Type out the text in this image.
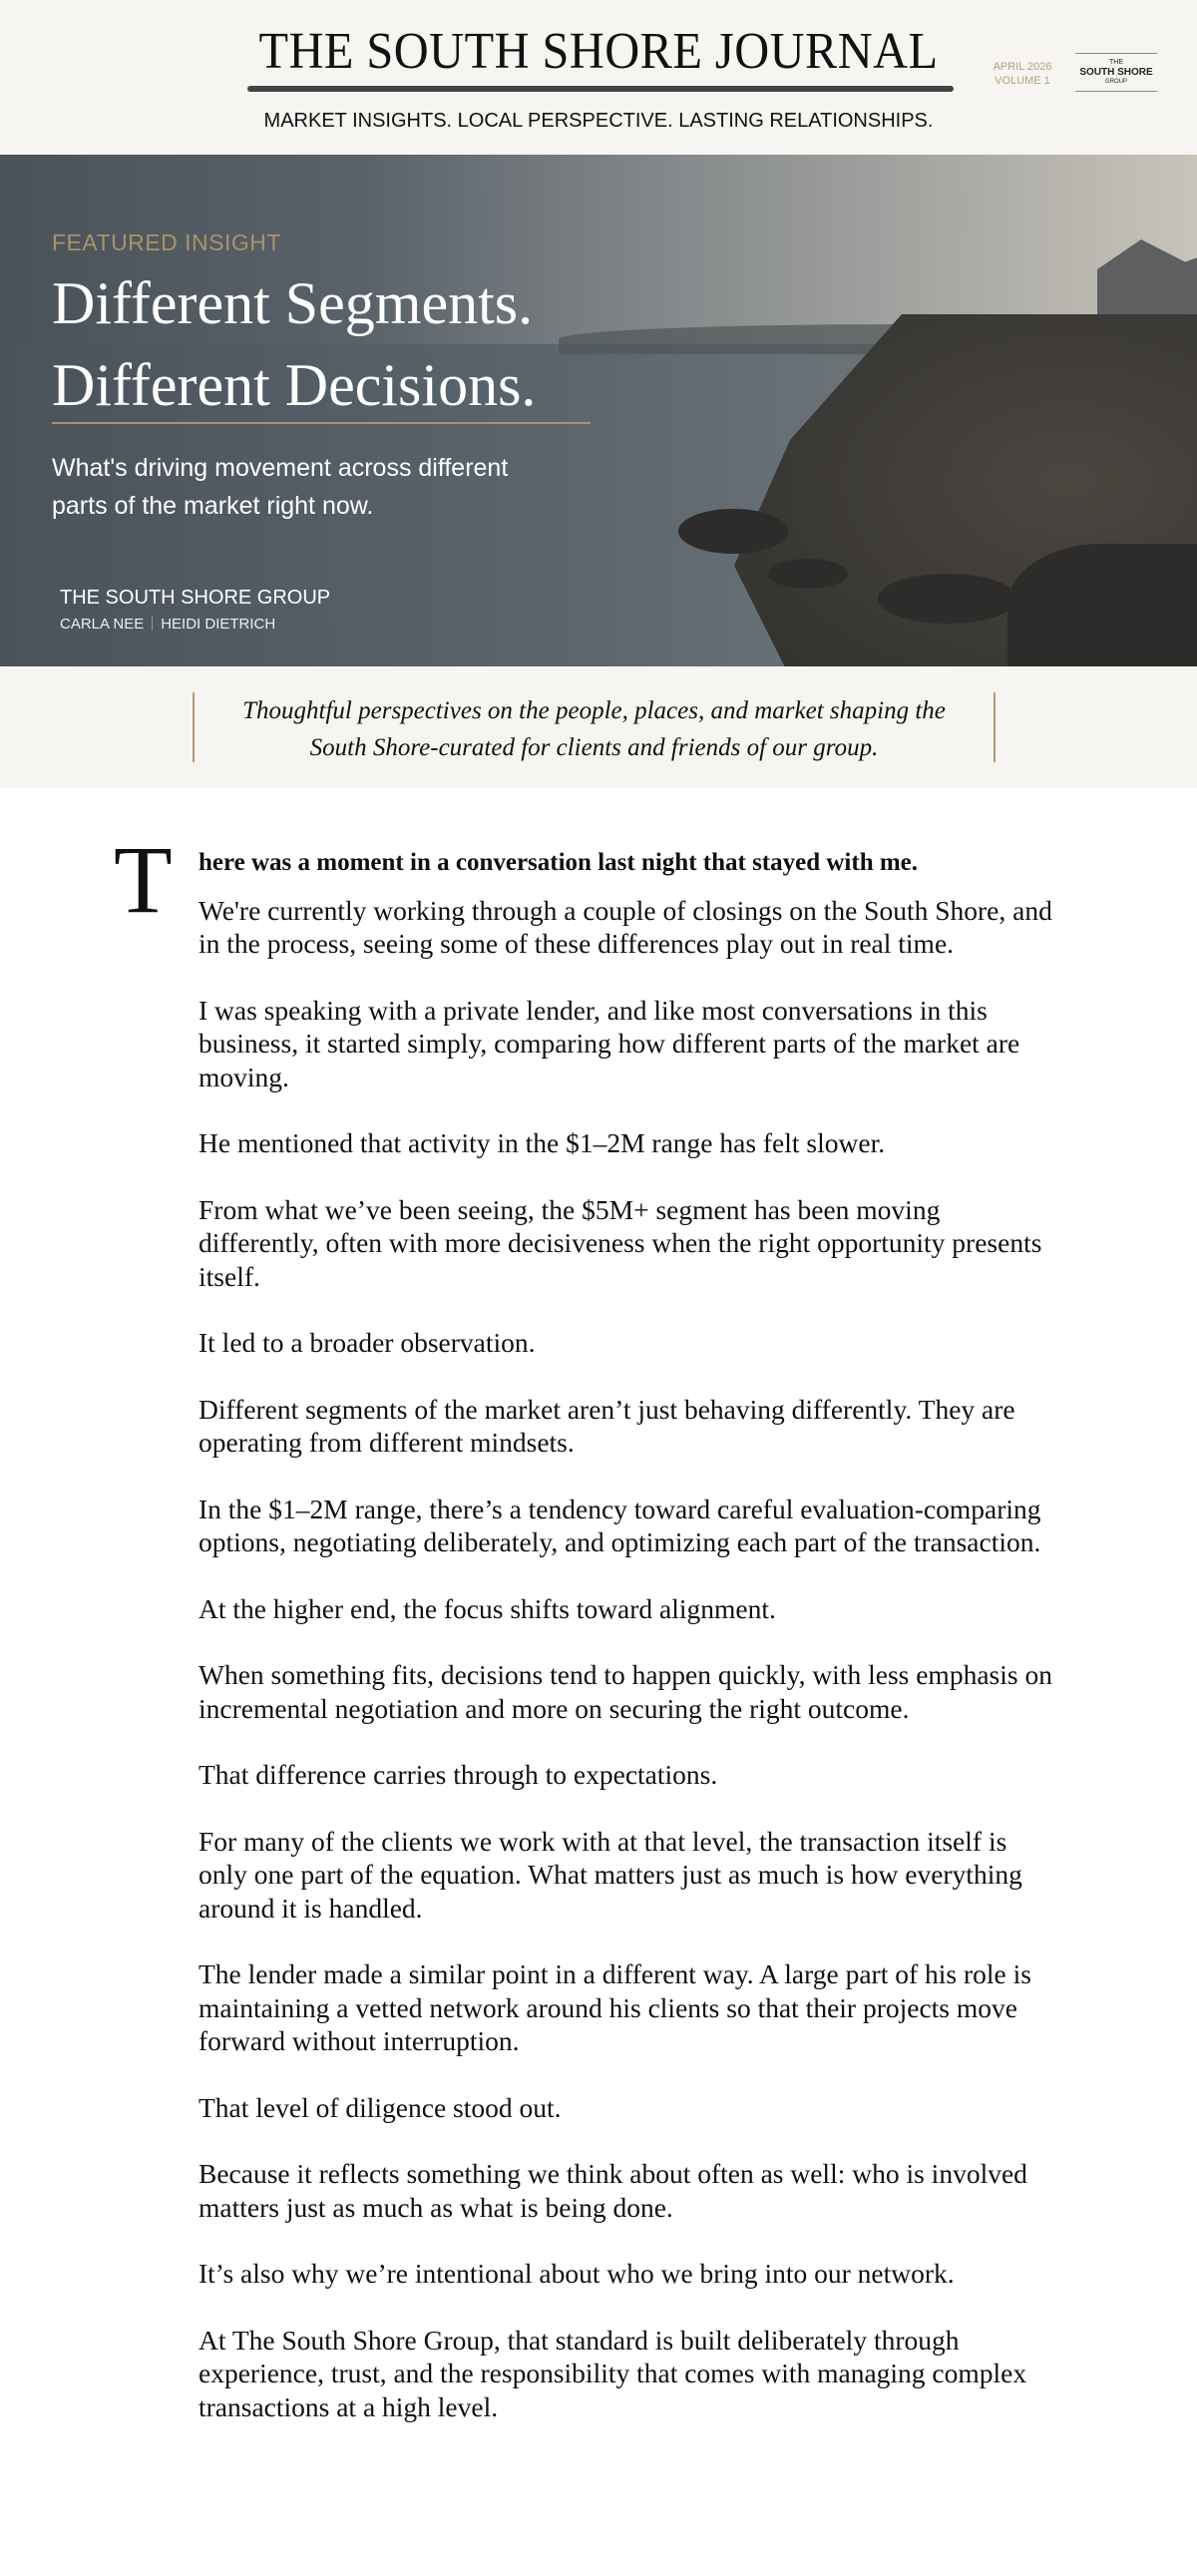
THE SOUTH SHORE JOURNAL
MARKET INSIGHTS. LOCAL PERSPECTIVE. LASTING RELATIONSHIPS.
APRIL 2026
VOLUME 1
THE
SOUTH SHORE
GROUP
FEATURED INSIGHT
Different Segments.
Different Decisions.
What's driving movement across different
parts of the market right now.
THE SOUTH SHORE GROUP
CARLA NEE HEIDI DIETRICH
Thoughtful perspectives on the people, places, and market shaping the South Shore-curated for clients and friends of our group.
T here was a moment in a conversation last night that stayed with me.

We're currently working through a couple of closings on the South Shore, and in the process, seeing some of these differences play out in real time.

I was speaking with a private lender, and like most conversations in this business, it started simply, comparing how different parts of the market are moving.

He mentioned that activity in the $1–2M range has felt slower.

From what we’ve been seeing, the $5M+ segment has been moving differently, often with more decisiveness when the right opportunity presents itself.

It led to a broader observation.

Different segments of the market aren’t just behaving differently. They are operating from different mindsets.

In the $1–2M range, there’s a tendency toward careful evaluation-comparing options, negotiating deliberately, and optimizing each part of the transaction.

At the higher end, the focus shifts toward alignment.

When something fits, decisions tend to happen quickly, with less emphasis on incremental negotiation and more on securing the right outcome.

That difference carries through to expectations.

For many of the clients we work with at that level, the transaction itself is only one part of the equation. What matters just as much is how everything around it is handled.

The lender made a similar point in a different way. A large part of his role is maintaining a vetted network around his clients so that their projects move forward without interruption.

That level of diligence stood out.

Because it reflects something we think about often as well: who is involved matters just as much as what is being done.

It’s also why we’re intentional about who we bring into our network.

At The South Shore Group, that standard is built deliberately through experience, trust, and the responsibility that comes with managing complex transactions at a high level.
